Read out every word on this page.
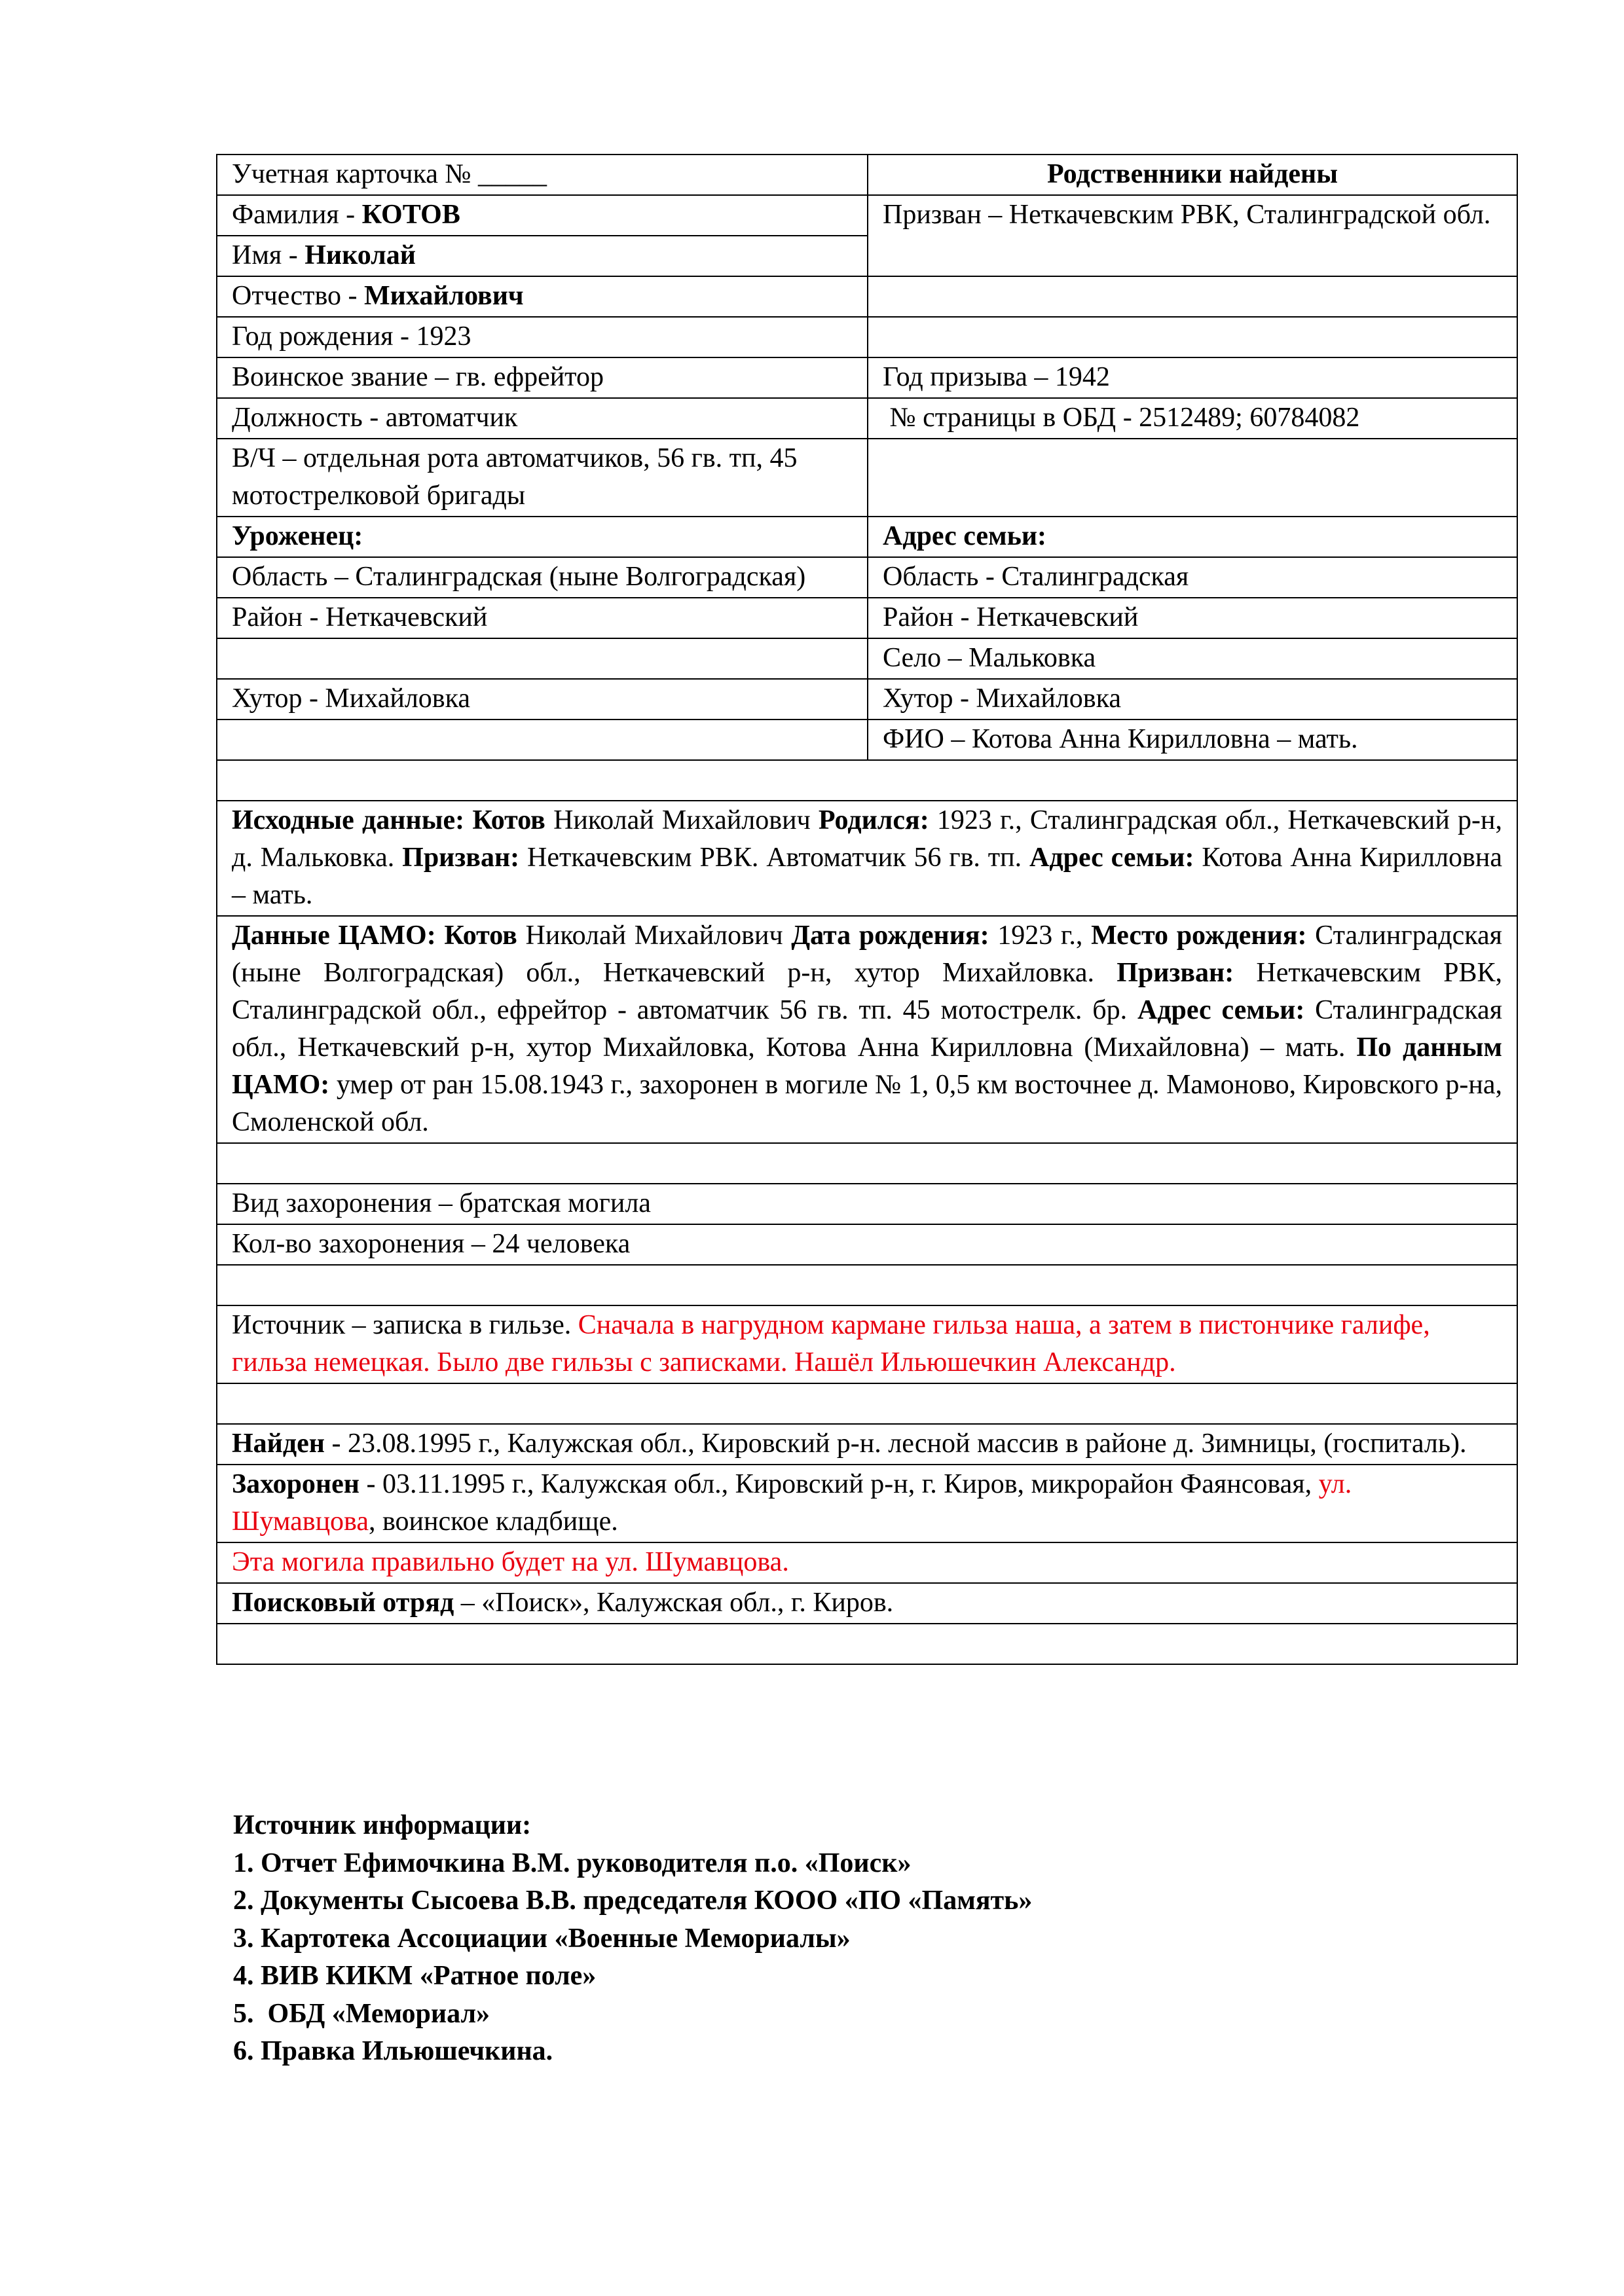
Учетная карточка № _____	Родственники найдены
Фамилия - КОТОВ	Призван – Неткачевским РВК, Сталинградской обл.
Имя - Николай	
Отчество - Михайлович	
Год рождения - 1923	
Воинское звание – гв. ефрейтор	Год призыва – 1942
Должность - автоматчик	№ страницы в ОБД - 2512489; 60784082
В/Ч – отдельная рота автоматчиков, 56 гв. тп, 45 мотострелковой бригады	
Уроженец:	Адрес семьи:
Область – Сталинградская (ныне Волгоградская)	Область - Сталинградская
Район - Неткачевский	Район - Неткачевский
	Село – Мальковка
Хутор - Михайловка	Хутор - Михайловка
	ФИО – Котова Анна Кирилловна – мать.

Исходные данные: Котов Николай Михайлович Родился: 1923 г., Сталинградская обл., Неткачевский р-н, д. Мальковка. Призван: Неткачевским РВК. Автоматчик 56 гв. тп. Адрес семьи: Котова Анна Кирилловна – мать.	
Данные ЦАМО: Котов Николай Михайлович Дата рождения: 1923 г., Место рождения: Сталинградская (ныне Волгоградская) обл., Неткачевский р-н, хутор Михайловка. Призван: Неткачевским РВК, Сталинградской обл., ефрейтор - автоматчик 56 гв. тп. 45 мотострелк. бр. Адрес семьи: Сталинградская обл., Неткачевский р-н, хутор Михайловка, Котова Анна Кирилловна (Михайловна) – мать. По данным ЦАМО: умер от ран 15.08.1943 г., захоронен в могиле № 1, 0,5 км восточнее д. Мамоново, Кировского р-на, Смоленской обл.	

Вид захоронения – братская могила	
Кол-во захоронения – 24 человека	

Источник – записка в гильзе. Сначала в нагрудном кармане гильза наша, а затем в пистончике галифе, гильза немецкая. Было две гильзы с записками. Нашёл Ильюшечкин Александр.	

Найден - 23.08.1995 г., Калужская обл., Кировский р-н. лесной массив в районе д. Зимницы, (госпиталь).	
Захоронен - 03.11.1995 г., Калужская обл., Кировский р-н, г. Киров, микрорайон Фаянсовая, ул. Шумавцова, воинское кладбище.	
Эта могила правильно будет на ул. Шумавцова.	
Поисковый отряд – «Поиск», Калужская обл., г. Киров.	

Источник информации:
1. Отчет Ефимочкина В.М. руководителя п.о. «Поиск»
2. Документы Сысоева В.В. председателя КООО «ПО «Память»
3. Картотека Ассоциации «Военные Мемориалы»
4. ВИВ КИКМ «Ратное поле»
5.  ОБД «Мемориал»
6. Правка Ильюшечкина.
